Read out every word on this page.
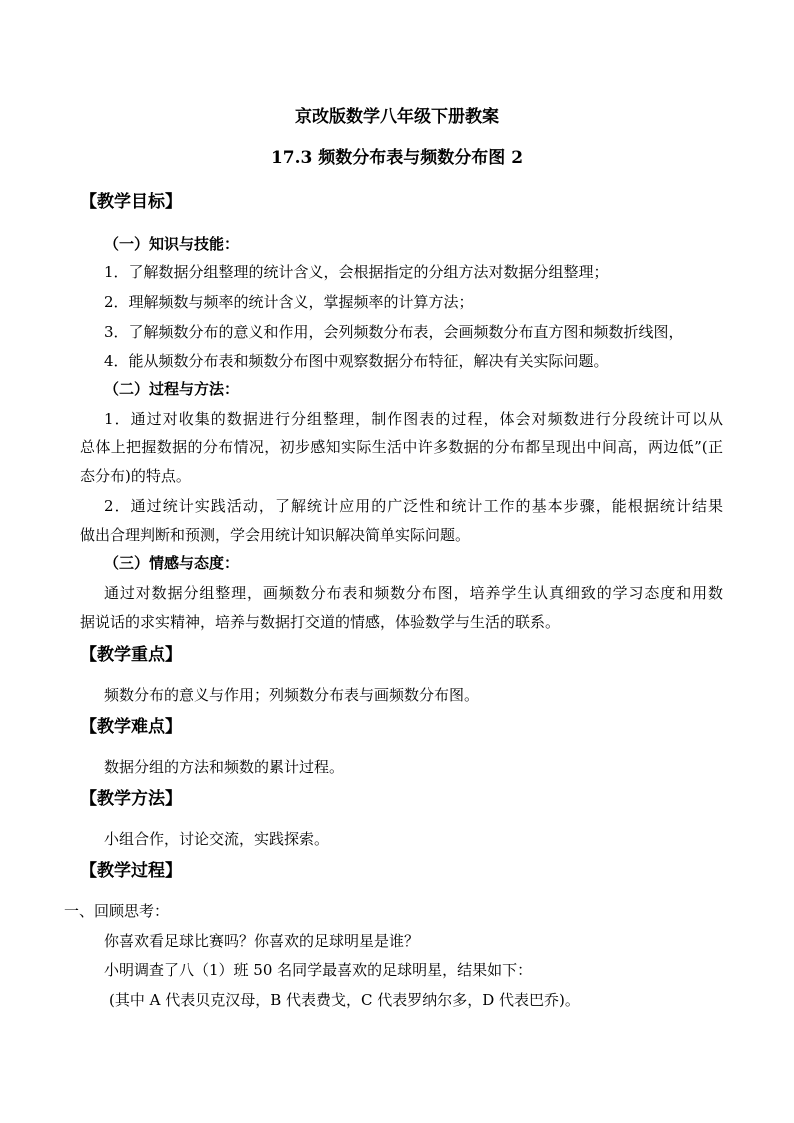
京改版数学八年级下册教案
17.3 频数分布表与频数分布图 2
【教学目标】
（一）知识与技能：
1．了解数据分组整理的统计含义，会根据指定的分组方法对数据分组整理；
2．理解频数与频率的统计含义，掌握频率的计算方法；
3．了解频数分布的意义和作用，会列频数分布表，会画频数分布直方图和频数折线图，
4．能从频数分布表和频数分布图中观察数据分布特征，解决有关实际问题。
（二）过程与方法：
1．通过对收集的数据进行分组整理，制作图表的过程，体会对频数进行分段统计可以从
总体上把握数据的分布情况，初步感知实际生活中许多数据的分布都呈现出中间高，两边低”(正
态分布)的特点。
2．通过统计实践活动，了解统计应用的广泛性和统计工作的基本步骤，能根据统计结果
做出合理判断和预测，学会用统计知识解决简单实际问题。
（三）情感与态度：
通过对数据分组整理，画频数分布表和频数分布图，培养学生认真细致的学习态度和用数
据说话的求实精神，培养与数据打交道的情感，体验数学与生活的联系。
【教学重点】
频数分布的意义与作用；列频数分布表与画频数分布图。
【教学难点】
数据分组的方法和频数的累计过程。
【教学方法】
小组合作，讨论交流，实践探索。
【教学过程】
一、回顾思考：
你喜欢看足球比赛吗？你喜欢的足球明星是谁？
小明调查了八（1）班 50 名同学最喜欢的足球明星，结果如下：
(其中 A 代表贝克汉母，B 代表费戈，C 代表罗纳尔多，D 代表巴乔)。
